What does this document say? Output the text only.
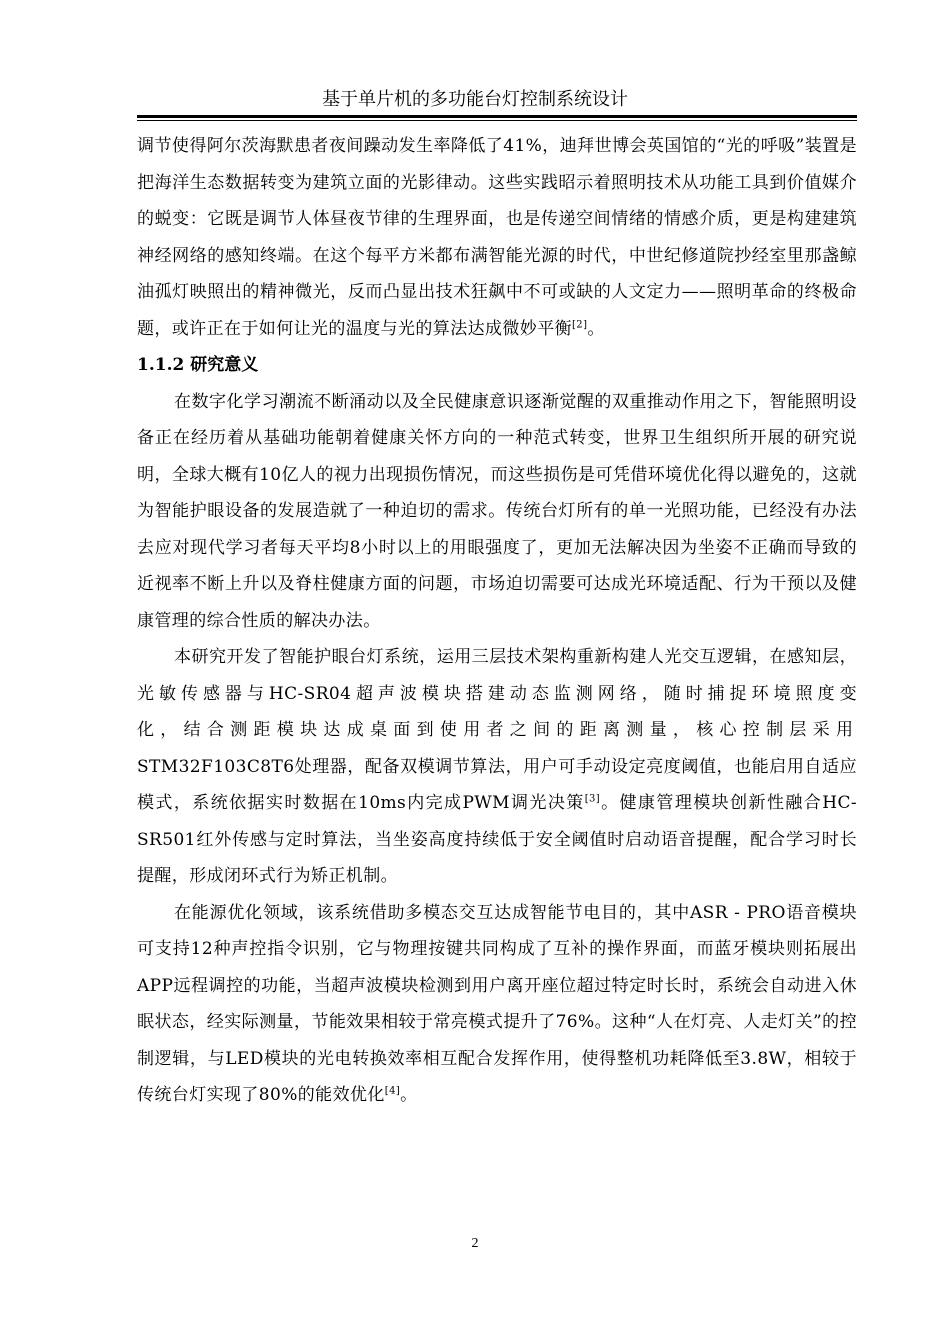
基于单片机的多功能台灯控制系统设计

调节使得阿尔茨海默患者夜间躁动发生率降低了41%，迪拜世博会英国馆的“光的呼吸”装置是把海洋生态数据转变为建筑立面的光影律动。这些实践昭示着照明技术从功能工具到价值媒介的蜕变：它既是调节人体昼夜节律的生理界面，也是传递空间情绪的情感介质，更是构建建筑神经网络的感知终端。在这个每平方米都布满智能光源的时代，中世纪修道院抄经室里那盏鲸油孤灯映照出的精神微光，反而凸显出技术狂飙中不可或缺的人文定力——照明革命的终极命题，或许正在于如何让光的温度与光的算法达成微妙平衡[2]。

1.1.2 研究意义

在数字化学习潮流不断涌动以及全民健康意识逐渐觉醒的双重推动作用之下，智能照明设备正在经历着从基础功能朝着健康关怀方向的一种范式转变，世界卫生组织所开展的研究说明，全球大概有10亿人的视力出现损伤情况，而这些损伤是可凭借环境优化得以避免的，这就为智能护眼设备的发展造就了一种迫切的需求。传统台灯所有的单一光照功能，已经没有办法去应对现代学习者每天平均8小时以上的用眼强度了，更加无法解决因为坐姿不正确而导致的近视率不断上升以及脊柱健康方面的问题，市场迫切需要可达成光环境适配、行为干预以及健康管理的综合性质的解决办法。

本研究开发了智能护眼台灯系统，运用三层技术架构重新构建人光交互逻辑，在感知层，光敏传感器与HC-SR04超声波模块搭建动态监测网络，随时捕捉环境照度变

化，结合测距模块达成桌面到使用者之间的距离测量，核心控制层采用

STM32F103C8T6处理器，配备双模调节算法，用户可手动设定亮度阈值，也能启用自适应模式，系统依据实时数据在10ms内完成PWM调光决策[3]。健康管理模块创新性融合HC-SR501红外传感与定时算法，当坐姿高度持续低于安全阈值时启动语音提醒，配合学习时长提醒，形成闭环式行为矫正机制。

在能源优化领域，该系统借助多模态交互达成智能节电目的，其中ASR - PRO语音模块可支持12种声控指令识别，它与物理按键共同构成了互补的操作界面，而蓝牙模块则拓展出APP远程调控的功能，当超声波模块检测到用户离开座位超过特定时长时，系统会自动进入休眠状态，经实际测量，节能效果相较于常亮模式提升了76%。这种“人在灯亮、人走灯关”的控制逻辑，与LED模块的光电转换效率相互配合发挥作用，使得整机功耗降低至3.8W，相较于传统台灯实现了80%的能效优化[4]。

2
